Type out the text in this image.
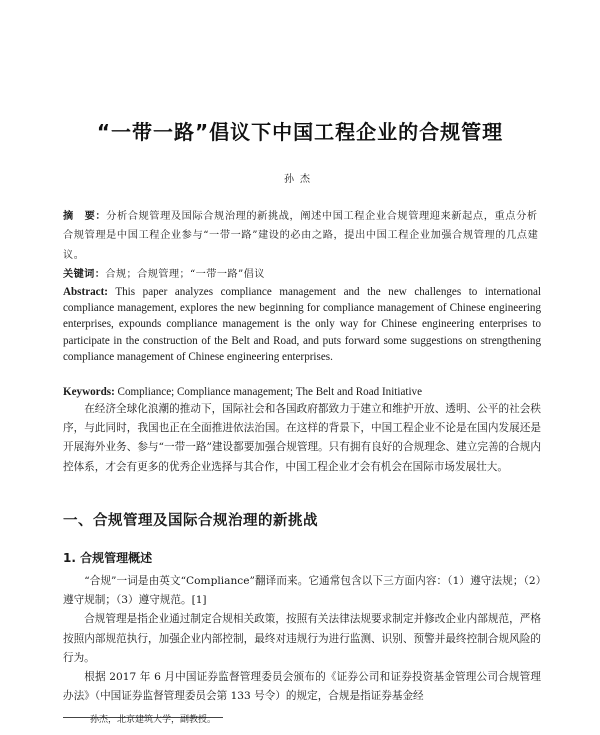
“一带一路”倡议下中国工程企业的合规管理
孙杰
摘　要：分析合规管理及国际合规治理的新挑战，阐述中国工程企业合规管理迎来新起点，重点分析合规管理是中国工程企业参与“一带一路”建设的必由之路，提出中国工程企业加强合规管理的几点建议。
关键词：合规；合规管理；“一带一路”倡议
Abstract: This paper analyzes compliance management and the new challenges to international compliance management, explores the new beginning for compliance management of Chinese engineering enterprises, expounds compliance management is the only way for Chinese engineering enterprises to participate in the construction of the Belt and Road, and puts forward some suggestions on strengthening compliance management of Chinese engineering enterprises.
Keywords: Compliance; Compliance management; The Belt and Road Initiative
在经济全球化浪潮的推动下，国际社会和各国政府都致力于建立和维护开放、透明、公平的社会秩序，与此同时，我国也正在全面推进依法治国。在这样的背景下，中国工程企业不论是在国内发展还是开展海外业务、参与“一带一路”建设都要加强合规管理。只有拥有良好的合规理念、建立完善的合规内控体系，才会有更多的优秀企业选择与其合作，中国工程企业才会有机会在国际市场发展壮大。
一、合规管理及国际合规治理的新挑战
1. 合规管理概述

“合规”一词是由英文“Compliance”翻译而来。它通常包含以下三方面内容：（1）遵守法规；（2）遵守规制；（3）遵守规范。[1]

合规管理是指企业通过制定合规相关政策，按照有关法律法规要求制定并修改企业内部规范，严格按照内部规范执行，加强企业内部控制，最终对违规行为进行监测、识别、预警并最终控制合规风险的行为。

根据 2017 年 6 月中国证券监督管理委员会颁布的《证券公司和证券投资基金管理公司合规管理办法》（中国证券监督管理委员会第 133 号令）的规定，合规是指证券基金经

孙杰，北京建筑大学，副教授。
